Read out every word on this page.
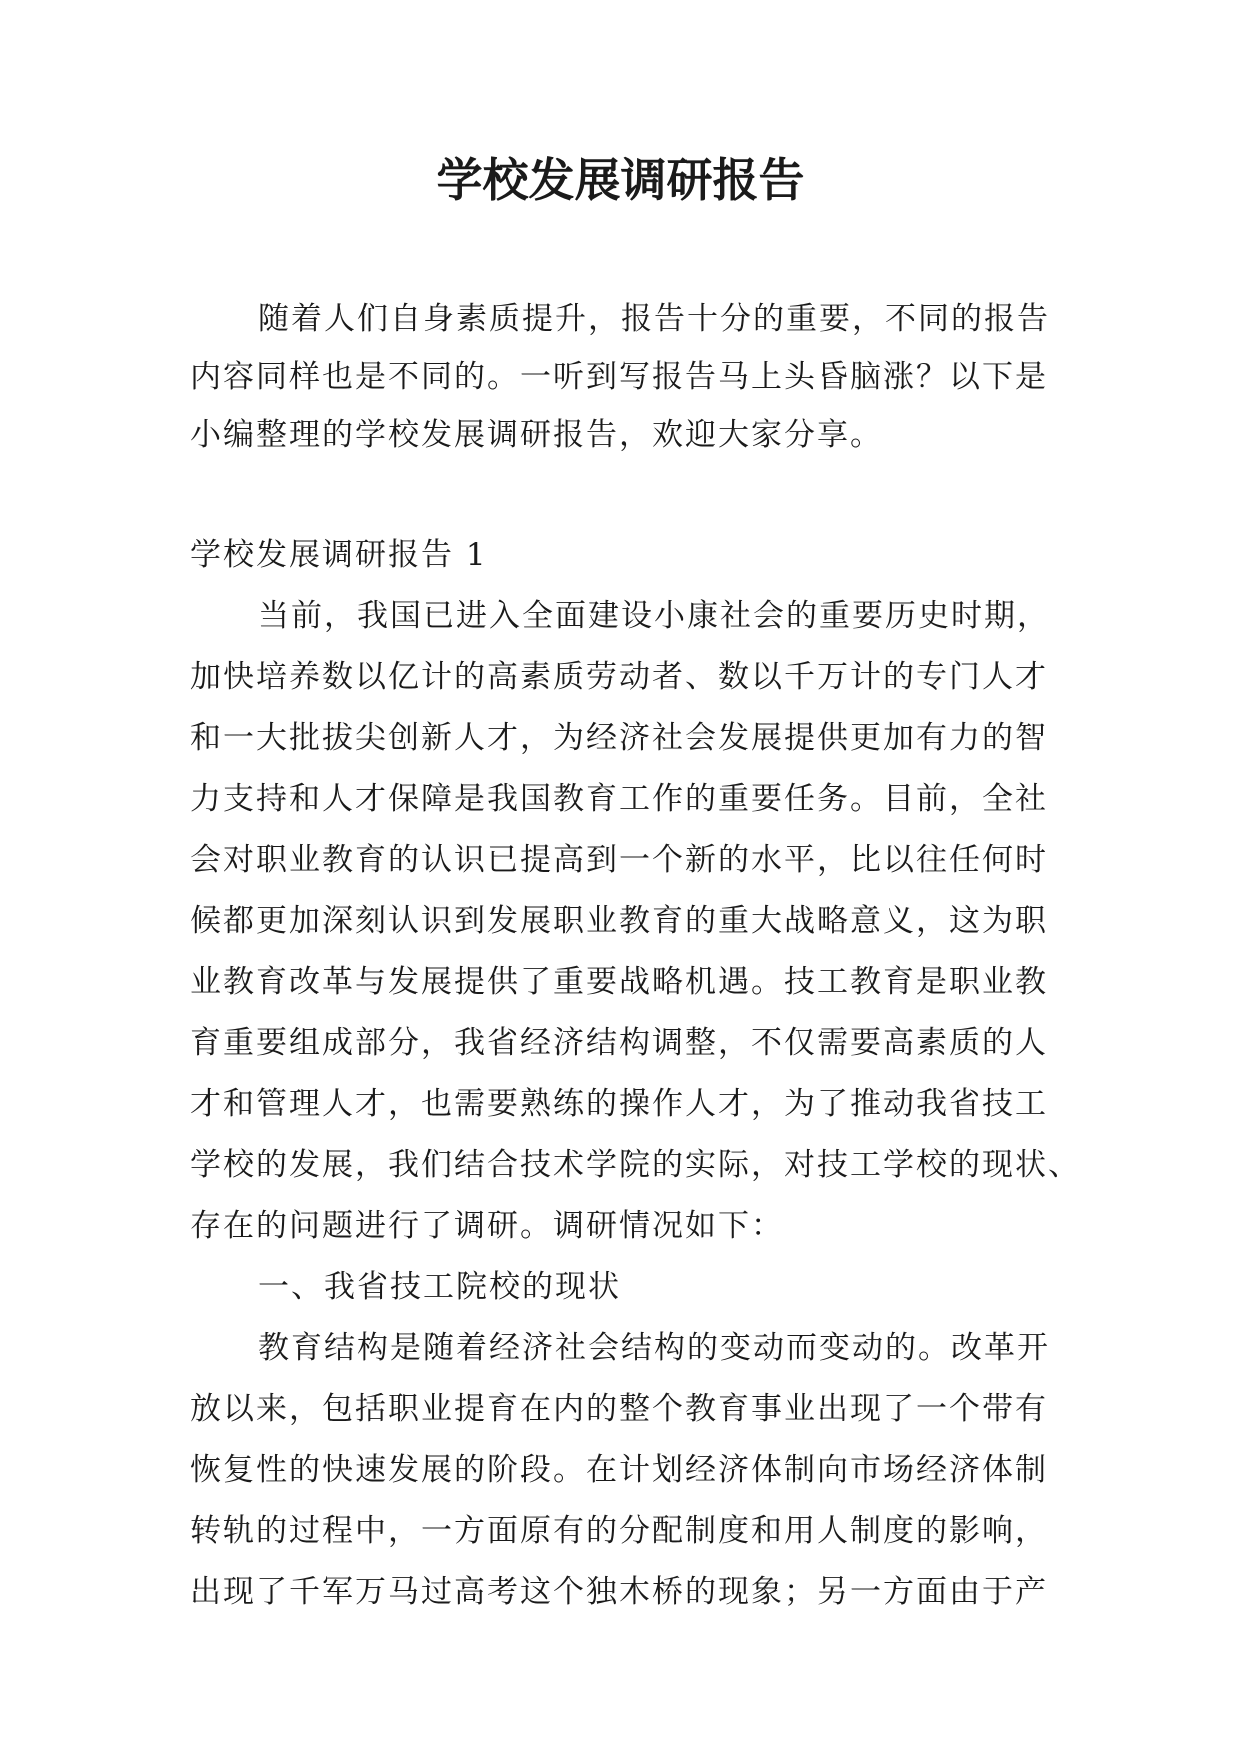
学校发展调研报告
随着人们自身素质提升，报告十分的重要，不同的报告
内容同样也是不同的。一听到写报告马上头昏脑涨？以下是
小编整理的学校发展调研报告，欢迎大家分享。
学校发展调研报告 1
当前，我国已进入全面建设小康社会的重要历史时期，
加快培养数以亿计的高素质劳动者、数以千万计的专门人才
和一大批拔尖创新人才，为经济社会发展提供更加有力的智
力支持和人才保障是我国教育工作的重要任务。目前，全社
会对职业教育的认识已提高到一个新的水平，比以往任何时
候都更加深刻认识到发展职业教育的重大战略意义，这为职
业教育改革与发展提供了重要战略机遇。技工教育是职业教
育重要组成部分，我省经济结构调整，不仅需要高素质的人
才和管理人才，也需要熟练的操作人才，为了推动我省技工
学校的发展，我们结合技术学院的实际，对技工学校的现状、
存在的问题进行了调研。调研情况如下：
一、我省技工院校的现状
教育结构是随着经济社会结构的变动而变动的。改革开
放以来，包括职业提育在内的整个教育事业出现了一个带有
恢复性的快速发展的阶段。在计划经济体制向市场经济体制
转轨的过程中，一方面原有的分配制度和用人制度的影响，
出现了千军万马过高考这个独木桥的现象；另一方面由于产
